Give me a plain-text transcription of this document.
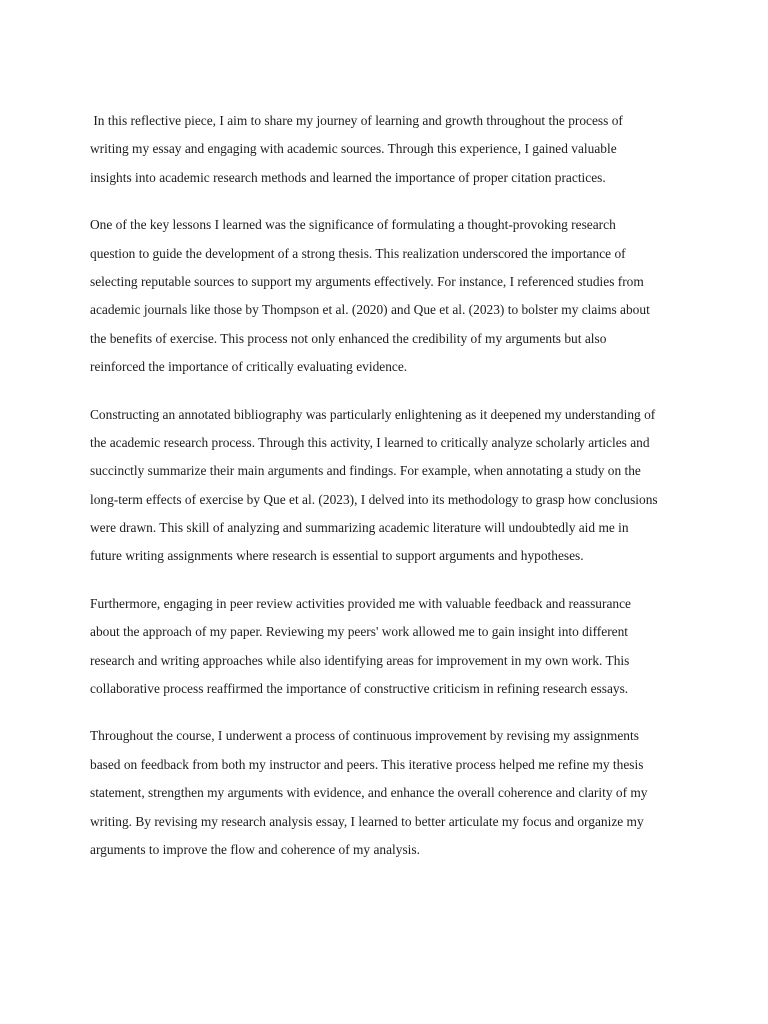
In this reflective piece, I aim to share my journey of learning and growth throughout the process of
writing my essay and engaging with academic sources. Through this experience, I gained valuable
insights into academic research methods and learned the importance of proper citation practices.

One of the key lessons I learned was the significance of formulating a thought-provoking research
question to guide the development of a strong thesis. This realization underscored the importance of
selecting reputable sources to support my arguments effectively. For instance, I referenced studies from
academic journals like those by Thompson et al. (2020) and Que et al. (2023) to bolster my claims about
the benefits of exercise. This process not only enhanced the credibility of my arguments but also
reinforced the importance of critically evaluating evidence.

Constructing an annotated bibliography was particularly enlightening as it deepened my understanding of
the academic research process. Through this activity, I learned to critically analyze scholarly articles and
succinctly summarize their main arguments and findings. For example, when annotating a study on the
long-term effects of exercise by Que et al. (2023), I delved into its methodology to grasp how conclusions
were drawn. This skill of analyzing and summarizing academic literature will undoubtedly aid me in
future writing assignments where research is essential to support arguments and hypotheses.

Furthermore, engaging in peer review activities provided me with valuable feedback and reassurance
about the approach of my paper. Reviewing my peers' work allowed me to gain insight into different
research and writing approaches while also identifying areas for improvement in my own work. This
collaborative process reaffirmed the importance of constructive criticism in refining research essays.

Throughout the course, I underwent a process of continuous improvement by revising my assignments
based on feedback from both my instructor and peers. This iterative process helped me refine my thesis
statement, strengthen my arguments with evidence, and enhance the overall coherence and clarity of my
writing. By revising my research analysis essay, I learned to better articulate my focus and organize my
arguments to improve the flow and coherence of my analysis.
